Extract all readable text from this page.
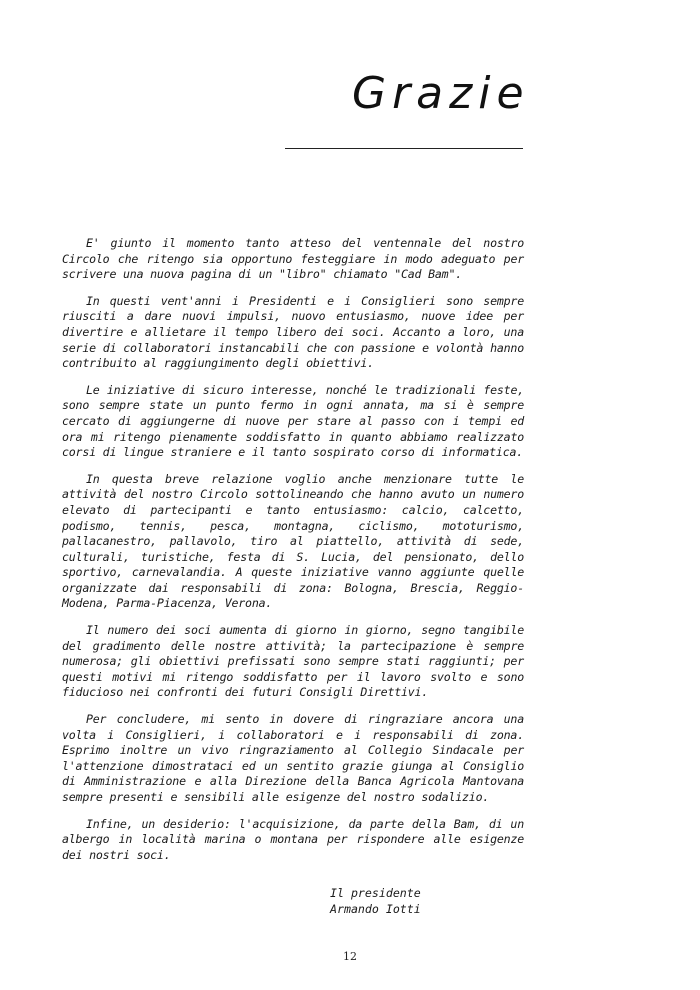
Grazie

E' giunto il momento tanto atteso del ventennale del nostro Circolo che ritengo sia opportuno festeggiare in modo adeguato per scrivere una nuova pagina di un "libro" chiamato "Cad Bam".

In questi vent'anni i Presidenti e i Consiglieri sono sempre riusciti a dare nuovi impulsi, nuovo entusiasmo, nuove idee per divertire e allietare il tempo libero dei soci. Accanto a loro, una serie di collaboratori instancabili che con passione e volontà hanno contribuito al raggiungimento degli obiettivi.

Le iniziative di sicuro interesse, nonché le tradizionali feste, sono sempre state un punto fermo in ogni annata, ma si è sempre cercato di aggiungerne di nuove per stare al passo con i tempi ed ora mi ritengo pienamente soddisfatto in quanto abbiamo realizzato corsi di lingue straniere e il tanto sospirato corso di informatica.

In questa breve relazione voglio anche menzionare tutte le attività del nostro Circolo sottolineando che hanno avuto un numero elevato di partecipanti e tanto entusiasmo: calcio, calcetto, podismo, tennis, pesca, montagna, ciclismo, mototurismo, pallacanestro, pallavolo, tiro al piattello, attività di sede, culturali, turistiche, festa di S. Lucia, del pensionato, dello sportivo, carnevalandia. A queste iniziative vanno aggiunte quelle organizzate dai responsabili di zona: Bologna, Brescia, Reggio-Modena, Parma-Piacenza, Verona.

Il numero dei soci aumenta di giorno in giorno, segno tangibile del gradimento delle nostre attività; la partecipazione è sempre numerosa; gli obiettivi prefissati sono sempre stati raggiunti; per questi motivi mi ritengo soddisfatto per il lavoro svolto e sono fiducioso nei confronti dei futuri Consigli Direttivi.

Per concludere, mi sento in dovere di ringraziare ancora una volta i Consiglieri, i collaboratori e i responsabili di zona. Esprimo inoltre un vivo ringraziamento al Collegio Sindacale per l'attenzione dimostrataci ed un sentito grazie giunga al Consiglio di Amministrazione e alla Direzione della Banca Agricola Mantovana sempre presenti e sensibili alle esigenze del nostro sodalizio.

Infine, un desiderio: l'acquisizione, da parte della Bam, di un albergo in località marina o montana per rispondere alle esigenze dei nostri soci.

Il presidente
Armando Iotti
12
